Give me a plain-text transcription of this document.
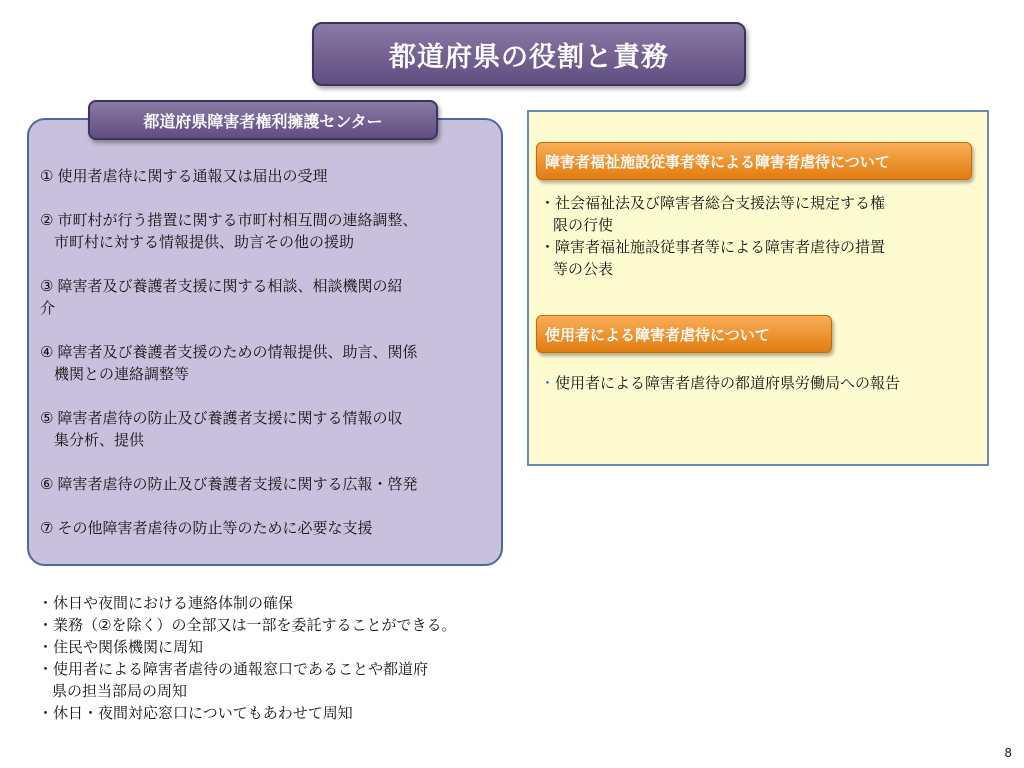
都道府県の役割と責務
都道府県障害者権利擁護センター
① 使用者虐待に関する通報又は届出の受理
② 市町村が行う措置に関する市町村相互間の連絡調整、
市町村に対する情報提供、助言その他の援助
③ 障害者及び養護者支援に関する相談、相談機関の紹
介
④ 障害者及び養護者支援のための情報提供、助言、関係
機関との連絡調整等
⑤ 障害者虐待の防止及び養護者支援に関する情報の収
集分析、提供
⑥ 障害者虐待の防止及び養護者支援に関する広報・啓発
⑦ その他障害者虐待の防止等のために必要な支援
障害者福祉施設従事者等による障害者虐待について
・社会福祉法及び障害者総合支援法等に規定する権
限の行使
・障害者福祉施設従事者等による障害者虐待の措置
等の公表
使用者による障害者虐待について
・使用者による障害者虐待の都道府県労働局への報告
・休日や夜間における連絡体制の確保
・業務（②を除く）の全部又は一部を委託することができる。
・住民や関係機関に周知
・使用者による障害者虐待の通報窓口であることや都道府
県の担当部局の周知
・休日・夜間対応窓口についてもあわせて周知
8
